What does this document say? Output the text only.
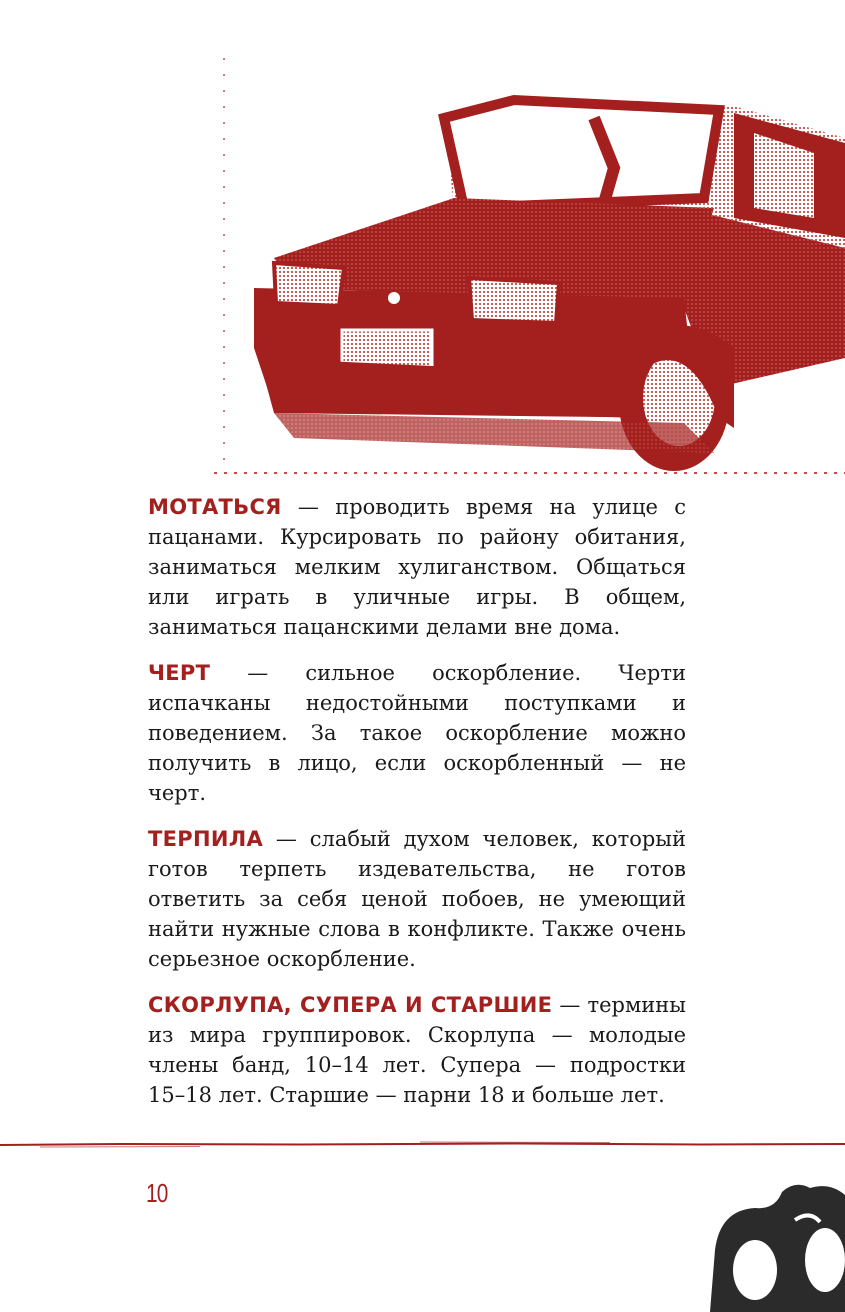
МОТАТЬСЯ — проводить время на улице с пацанами. Курсировать по району обитания, заниматься мелким хулиганством. Общаться или играть в уличные игры. В общем, заниматься пацанскими делами вне дома.

ЧЕРТ — сильное оскорбление. Черти испачканы недостойными поступками и поведением. За такое оскорбление можно получить в лицо, если оскорбленный — не черт.

ТЕРПИЛА — слабый духом человек, который готов терпеть издевательства, не готов ответить за себя ценой побоев, не умеющий найти нужные слова в конфликте. Также очень серьезное оскорбление.

СКОРЛУПА, СУПЕРА И СТАРШИЕ — термины из мира группировок. Скорлупа — молодые члены банд, 10–14 лет. Супера — подростки 15–18 лет. Старшие — парни 18 и больше лет.

10
